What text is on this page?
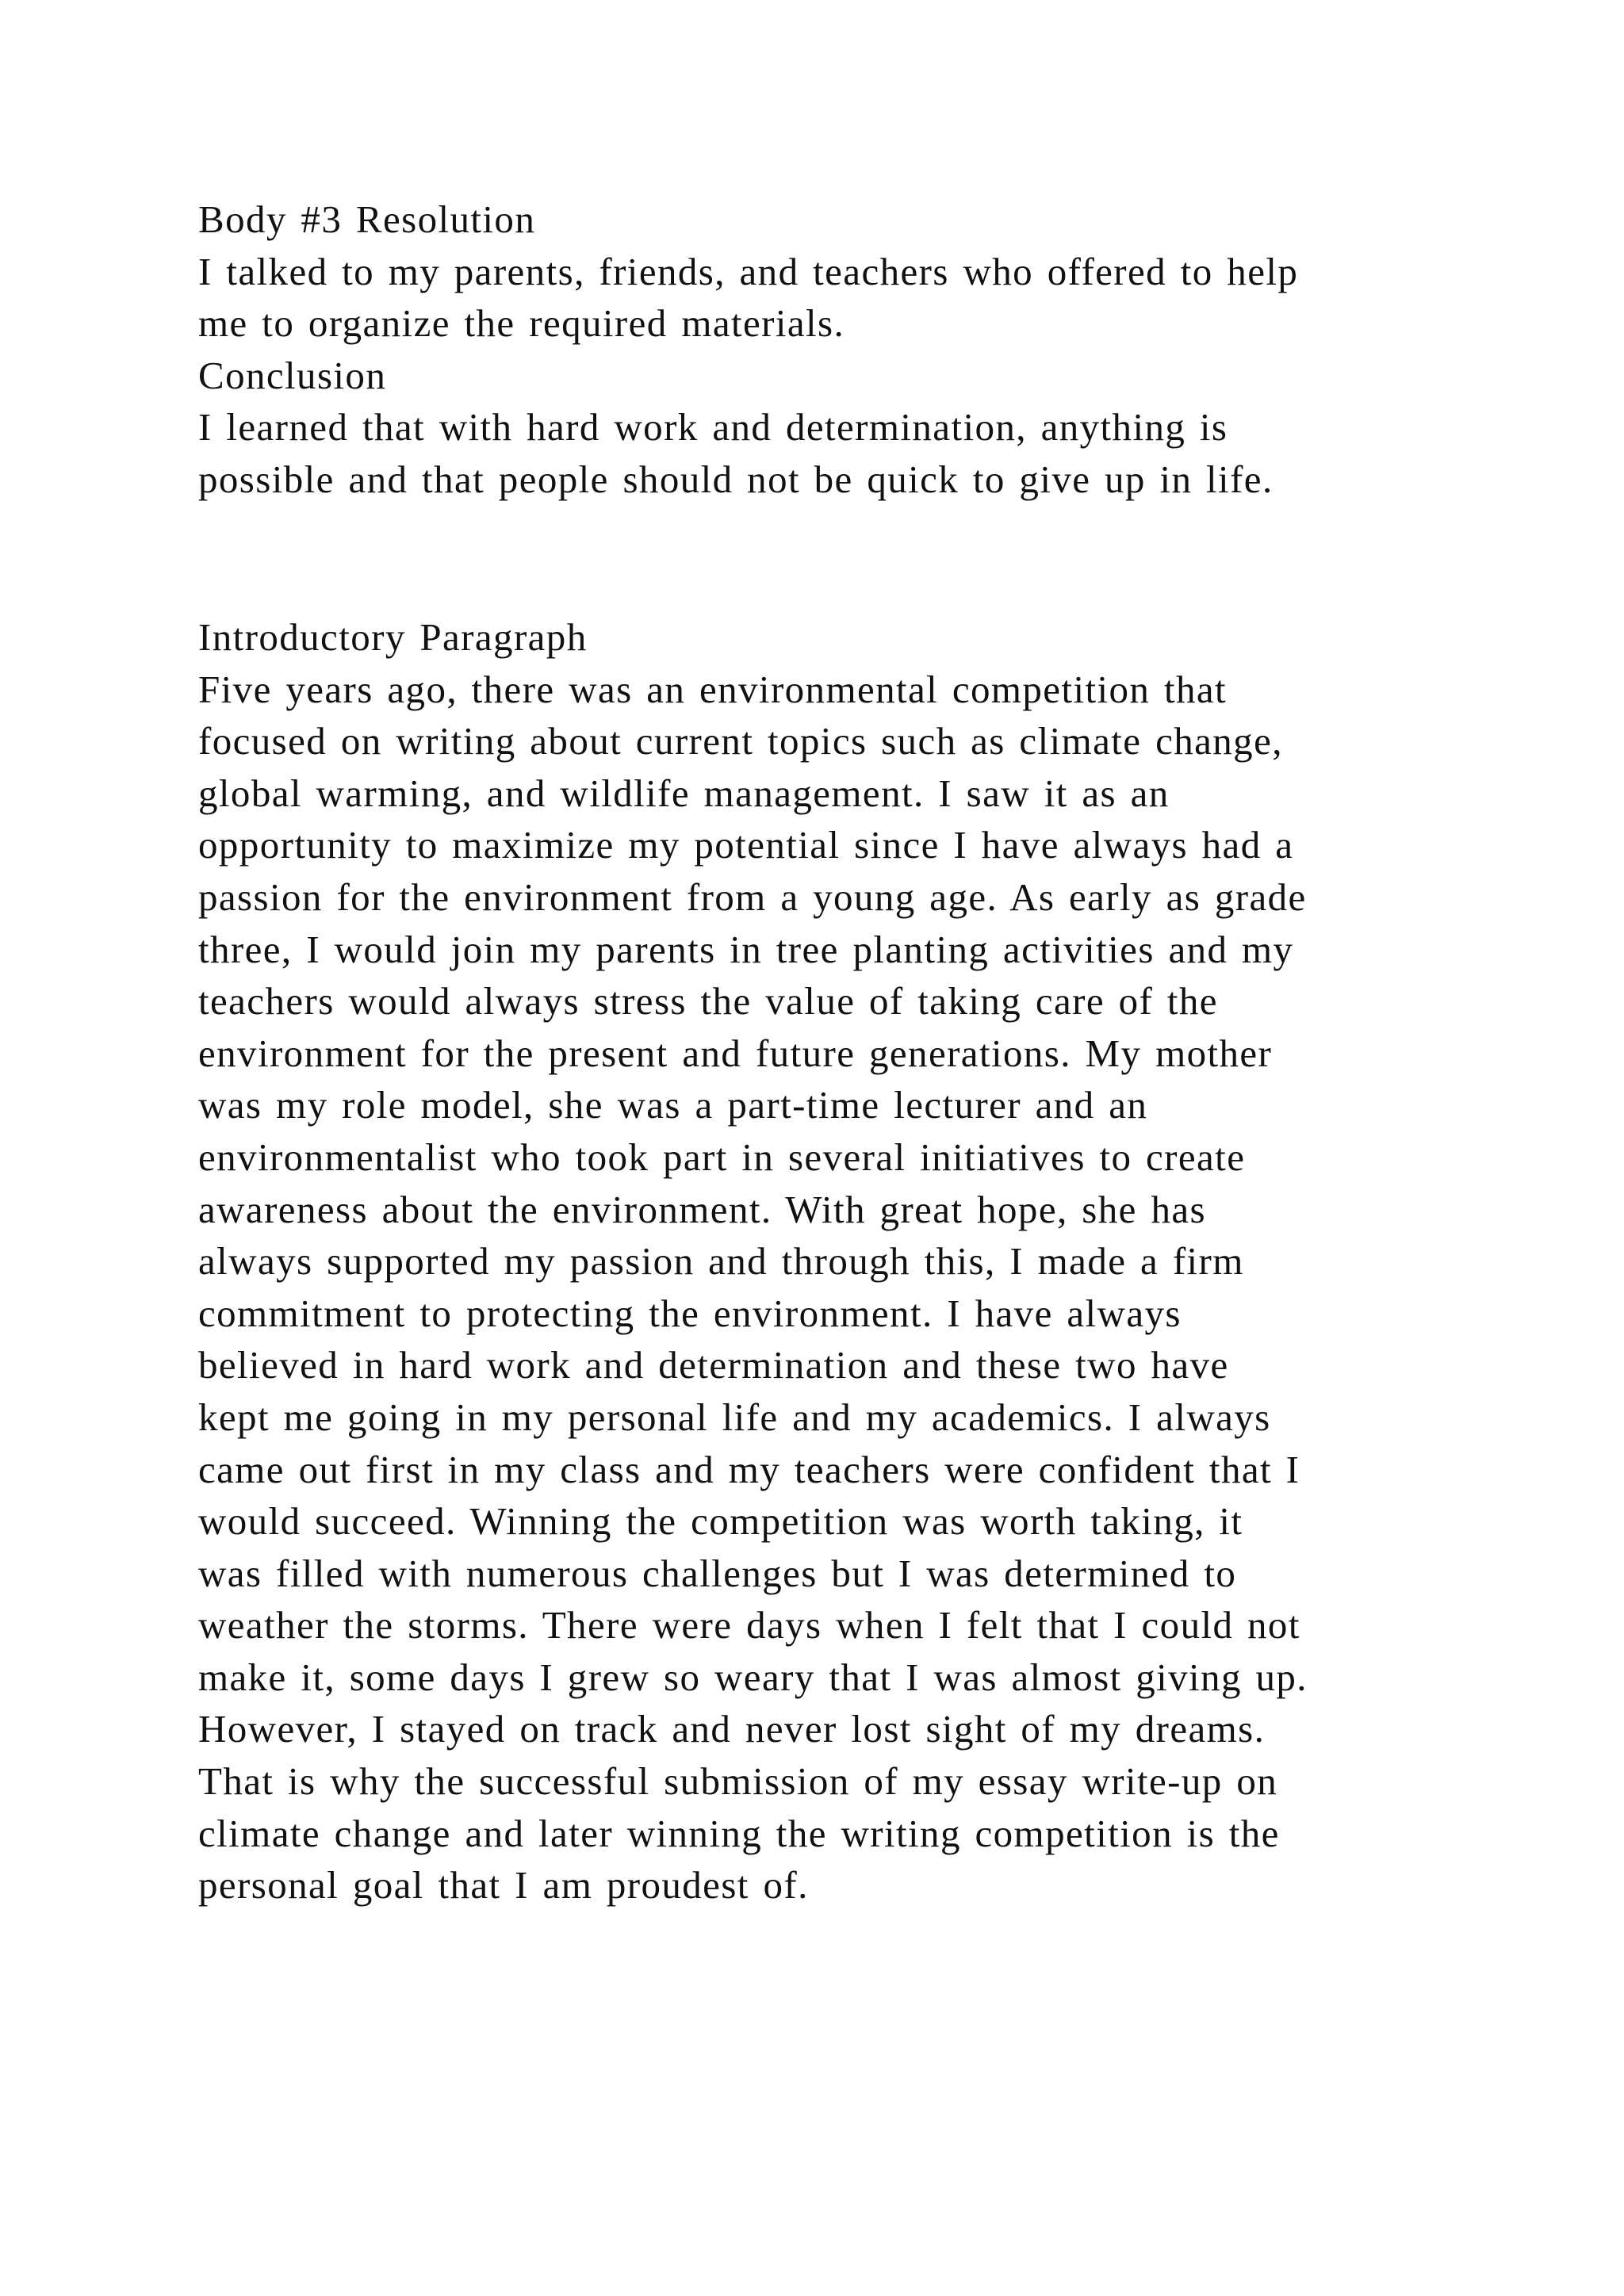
Body #3 Resolution
I talked to my parents, friends, and teachers who offered to help
me to organize the required materials.
Conclusion
I learned that with hard work and determination, anything is
possible and that people should not be quick to give up in life.
Introductory Paragraph
Five years ago, there was an environmental competition that
focused on writing about current topics such as climate change,
global warming, and wildlife management. I saw it as an
opportunity to maximize my potential since I have always had a
passion for the environment from a young age. As early as grade
three, I would join my parents in tree planting activities and my
teachers would always stress the value of taking care of the
environment for the present and future generations. My mother
was my role model, she was a part-time lecturer and an
environmentalist who took part in several initiatives to create
awareness about the environment. With great hope, she has
always supported my passion and through this, I made a firm
commitment to protecting the environment. I have always
believed in hard work and determination and these two have
kept me going in my personal life and my academics. I always
came out first in my class and my teachers were confident that I
would succeed. Winning the competition was worth taking, it
was filled with numerous challenges but I was determined to
weather the storms. There were days when I felt that I could not
make it, some days I grew so weary that I was almost giving up.
However, I stayed on track and never lost sight of my dreams.
That is why the successful submission of my essay write-up on
climate change and later winning the writing competition is the
personal goal that I am proudest of.
